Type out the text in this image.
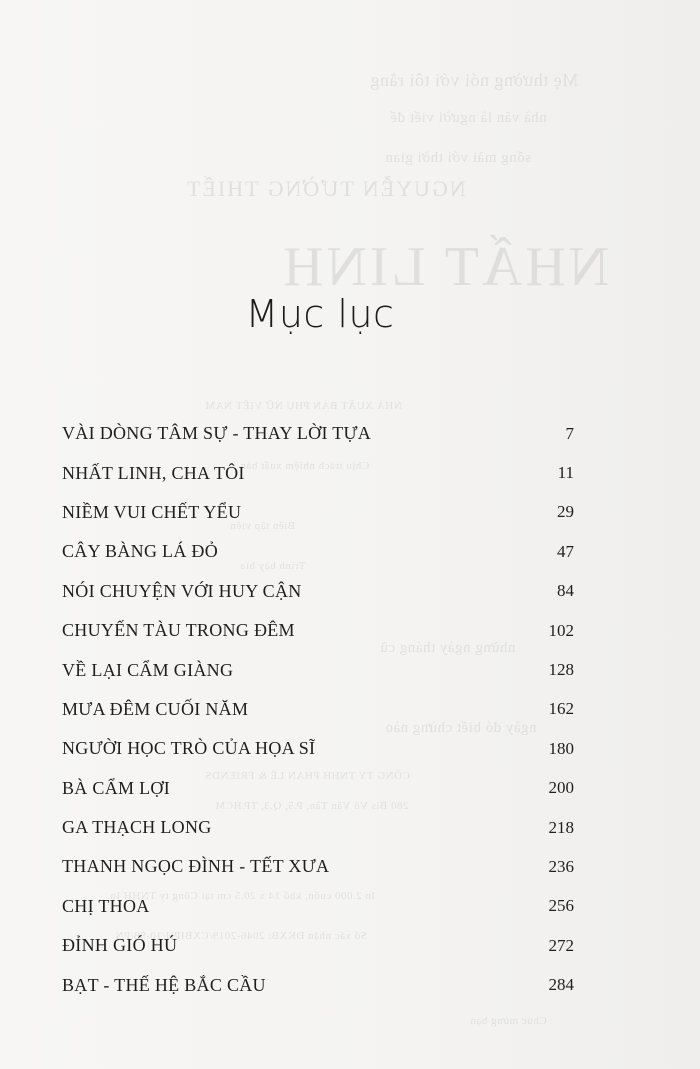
NGUYỄN TƯỜNG THIẾT
NHẤT LINH
Mẹ thường nói với tôi rằng
nhà văn là người viết để
sống mãi với thời gian
NHÀ XUẤT BẢN PHỤ NỮ VIỆT NAM
Chịu trách nhiệm xuất bản
Biên tập viên
Trình bày bìa
những ngày tháng cũ
ngày đó biết chừng nào
CÔNG TY TNHH PHAN LÊ & FRIENDS
280 Bis Võ Văn Tần, P.5, Q.3, TP.HCM
In 2.000 cuốn, khổ 14 x 20.5 cm tại Công ty TNHH In
Số xác nhận ĐKXB: 2046-2019/CXBIPH/10-98/PN
Chúc mừng bạn
Mục lục
VÀI DÒNG TÂM SỰ - THAY LỜI TỰA	7
NHẤT LINH, CHA TÔI	11
NIỀM VUI CHẾT YỂU	29
CÂY BÀNG LÁ ĐỎ	47
NÓI CHUYỆN VỚI HUY CẬN	84
CHUYẾN TÀU TRONG ĐÊM	102
VỀ LẠI CẨM GIÀNG	128
MƯA ĐÊM CUỐI NĂM	162
NGƯỜI HỌC TRÒ CỦA HỌA SĨ	180
BÀ CẨM LỢI	200
GA THẠCH LONG	218
THANH NGỌC ĐÌNH - TẾT XƯA	236
CHỊ THOA	256
ĐỈNH GIÓ HÚ	272
BẠT - THẾ HỆ BẮC CẦU	284
